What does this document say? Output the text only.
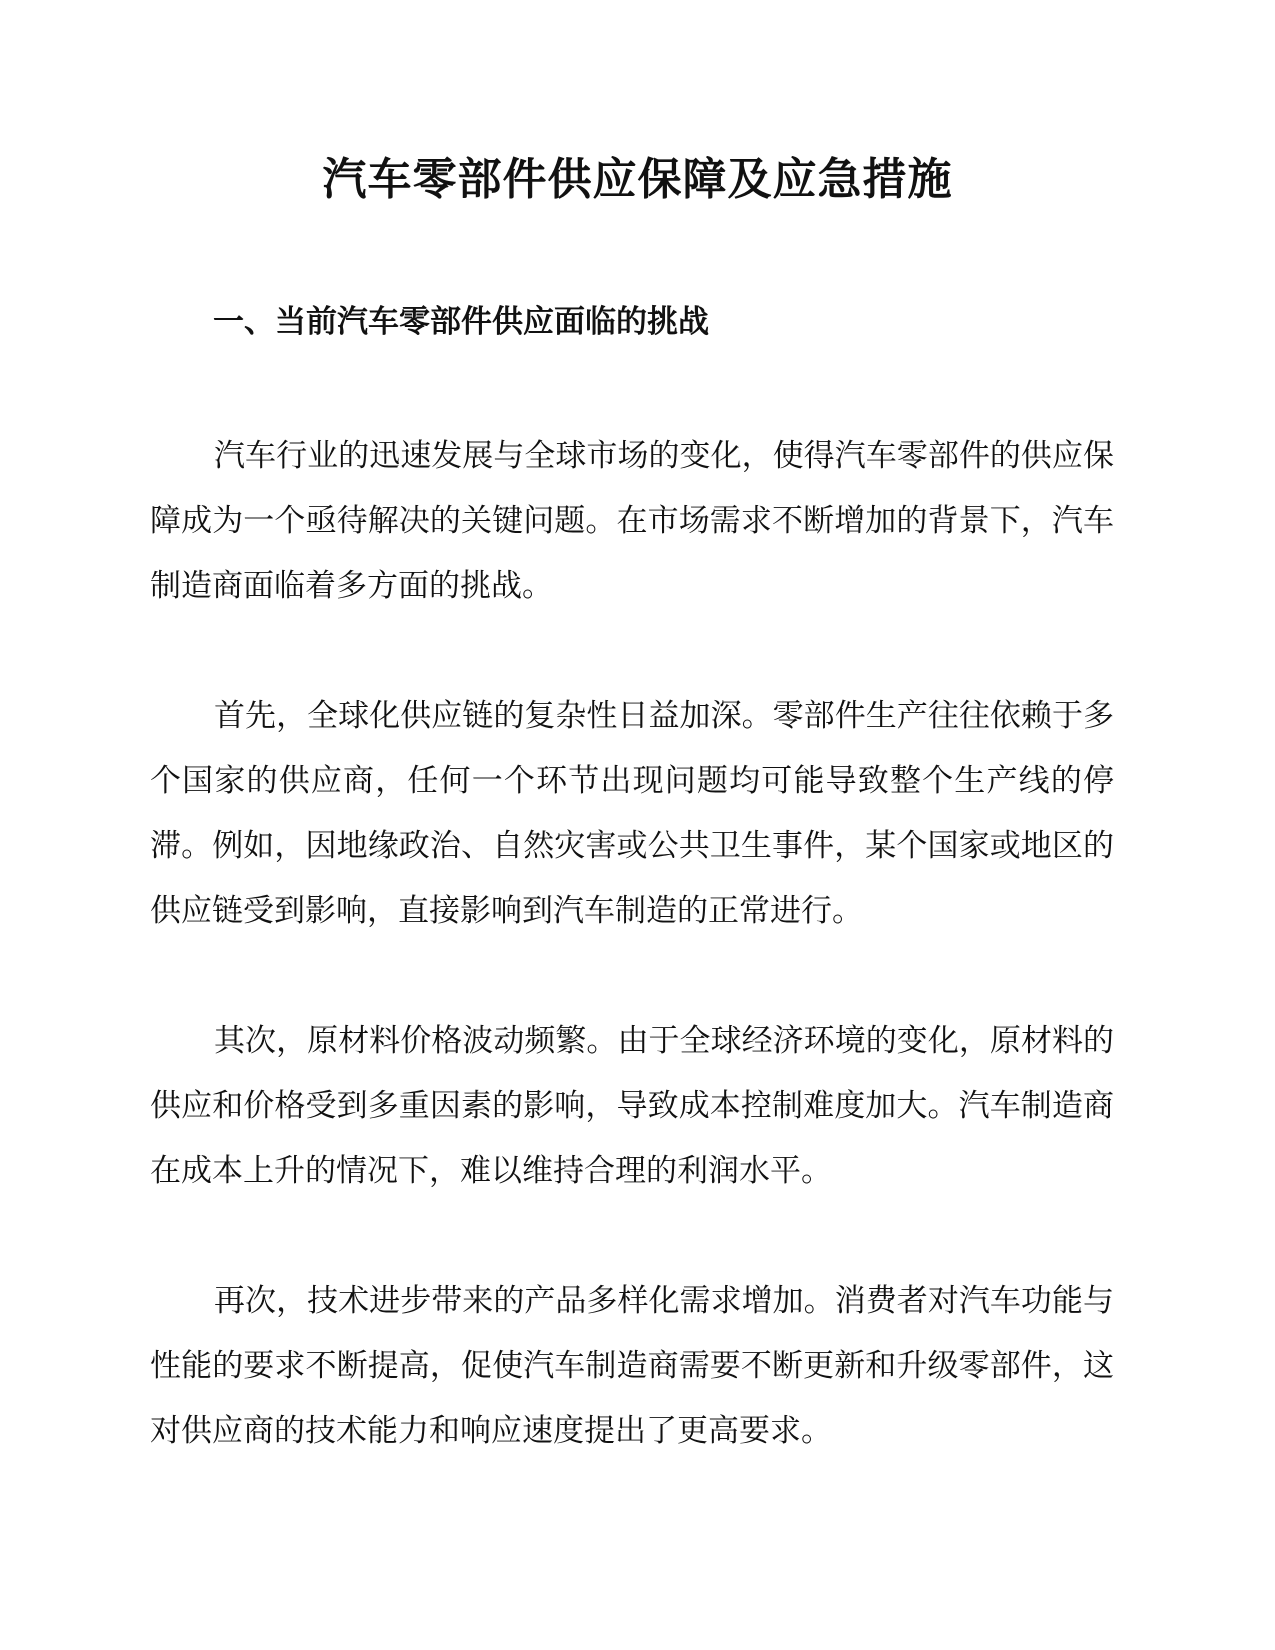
汽车零部件供应保障及应急措施
一、当前汽车零部件供应面临的挑战

汽车行业的迅速发展与全球市场的变化，使得汽车零部件的供应保障成为一个亟待解决的关键问题。在市场需求不断增加的背景下，汽车制造商面临着多方面的挑战。

首先，全球化供应链的复杂性日益加深。零部件生产往往依赖于多个国家的供应商，任何一个环节出现问题均可能导致整个生产线的停滞。例如，因地缘政治、自然灾害或公共卫生事件，某个国家或地区的供应链受到影响，直接影响到汽车制造的正常进行。

其次，原材料价格波动频繁。由于全球经济环境的变化，原材料的供应和价格受到多重因素的影响，导致成本控制难度加大。汽车制造商在成本上升的情况下，难以维持合理的利润水平。

再次，技术进步带来的产品多样化需求增加。消费者对汽车功能与性能的要求不断提高，促使汽车制造商需要不断更新和升级零部件，这对供应商的技术能力和响应速度提出了更高要求。
